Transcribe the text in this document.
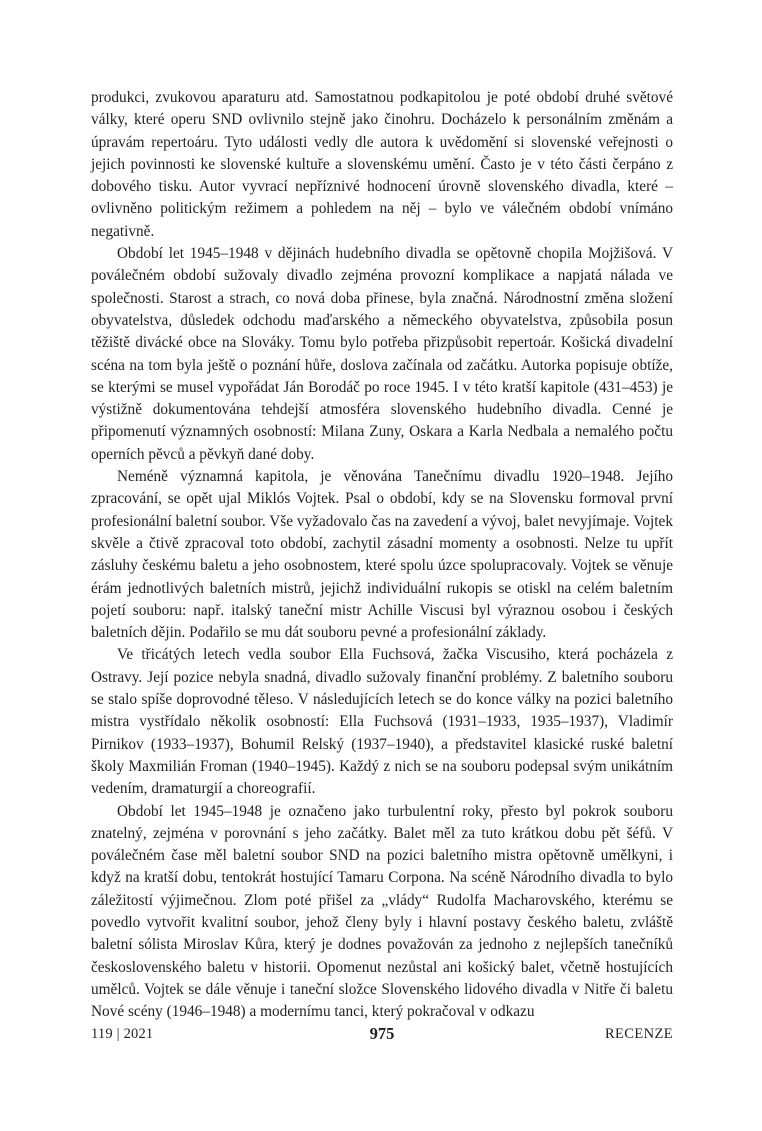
produkci, zvukovou aparaturu atd. Samostatnou podkapitolou je poté období druhé světové války, které operu SND ovlivnilo stejně jako činohru. Docházelo k personálním změnám a úpravám repertoáru. Tyto události vedly dle autora k uvědomění si slovenské veřejnosti o jejich povinnosti ke slovenské kultuře a slovenskému umění. Často je v této části čerpáno z dobového tisku. Autor vyvrací nepříznivé hodnocení úrovně slovenského divadla, které – ovlivněno politickým režimem a pohledem na něj – bylo ve válečném období vnímáno negativně.

Období let 1945–1948 v dějinách hudebního divadla se opětovně chopila Mojžišová. V poválečném období sužovaly divadlo zejména provozní komplikace a napjatá nálada ve společnosti. Starost a strach, co nová doba přinese, byla značná. Národnostní změna složení obyvatelstva, důsledek odchodu maďarského a německého obyvatelstva, způsobila posun těžiště divácké obce na Slováky. Tomu bylo potřeba přizpůsobit repertoár. Košická divadelní scéna na tom byla ještě o poznání hůře, doslova začínala od začátku. Autorka popisuje obtíže, se kterými se musel vypořádat Ján Borodáč po roce 1945. I v této kratší kapitole (431–453) je výstižně dokumentována tehdejší atmosféra slovenského hudebního divadla. Cenné je připomenutí významných osobností: Milana Zuny, Oskara a Karla Nedbala a nemalého počtu operních pěvců a pěvkyň dané doby.

Neméně významná kapitola, je věnována Tanečnímu divadlu 1920–1948. Jejího zpracování, se opět ujal Miklós Vojtek. Psal o období, kdy se na Slovensku formoval první profesionální baletní soubor. Vše vyžadovalo čas na zavedení a vývoj, balet nevyjímaje. Vojtek skvěle a čtivě zpracoval toto období, zachytil zásadní momenty a osobnosti. Nelze tu upřít zásluhy českému baletu a jeho osobnostem, které spolu úzce spolupracovaly. Vojtek se věnuje érám jednotlivých baletních mistrů, jejichž individuální rukopis se otiskl na celém baletním pojetí souboru: např. italský taneční mistr Achille Viscusi byl výraznou osobou i českých baletních dějin. Podařilo se mu dát souboru pevné a profesionální základy.

Ve třicátých letech vedla soubor Ella Fuchsová, žačka Viscusiho, která pocházela z Ostravy. Její pozice nebyla snadná, divadlo sužovaly finanční problémy. Z baletního souboru se stalo spíše doprovodné těleso. V následujících letech se do konce války na pozici baletního mistra vystřídalo několik osobností: Ella Fuchsová (1931–1933, 1935–1937), Vladimír Pirnikov (1933–1937), Bohumil Relský (1937–1940), a představitel klasické ruské baletní školy Maxmilián Froman (1940–1945). Každý z nich se na souboru podepsal svým unikátním vedením, dramaturgií a choreografií.

Období let 1945–1948 je označeno jako turbulentní roky, přesto byl pokrok souboru znatelný, zejména v porovnání s jeho začátky. Balet měl za tuto krátkou dobu pět šéfů. V poválečném čase měl baletní soubor SND na pozici baletního mistra opětovně umělkyni, i když na kratší dobu, tentokrát hostující Tamaru Corpona. Na scéně Národního divadla to bylo záležitostí výjimečnou. Zlom poté přišel za „vlády“ Rudolfa Macharovského, kterému se povedlo vytvořit kvalitní soubor, jehož členy byly i hlavní postavy českého baletu, zvláště baletní sólista Miroslav Kůra, který je dodnes považován za jednoho z nejlepších tanečníků československého baletu v historii. Opomenut nezůstal ani košický balet, včetně hostujících umělců. Vojtek se dále věnuje i taneční složce Slovenského lidového divadla v Nitře či baletu Nové scény (1946–1948) a modernímu tanci, který pokračoval v odkazu

119 | 2021	975	RECENZE
